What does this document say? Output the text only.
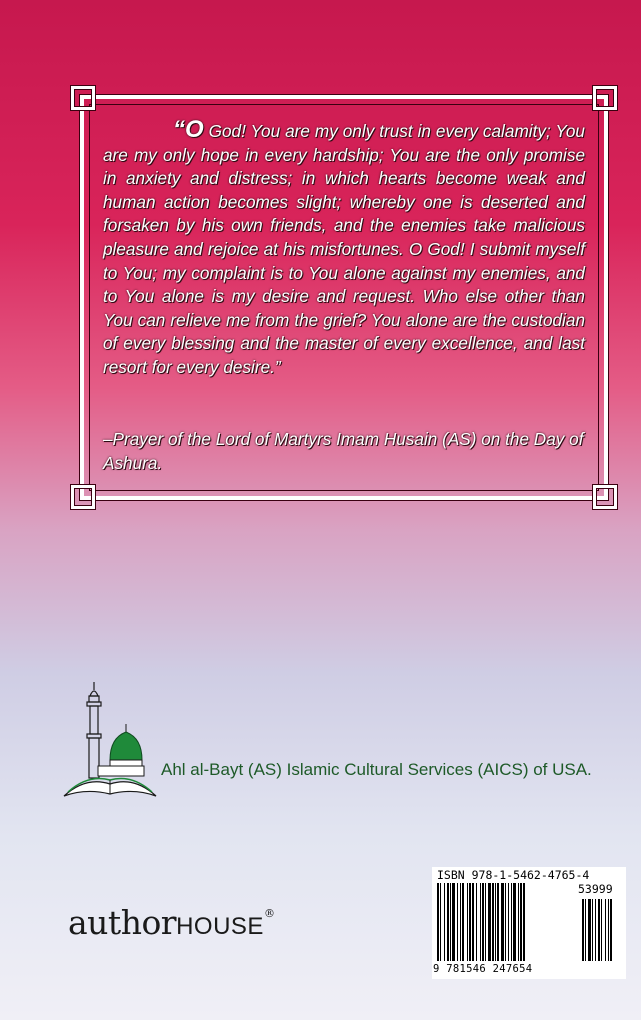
“O God! You are my only trust in every calamity; You are my only hope in every hardship; You are the only promise in anxiety and distress; in which hearts become weak and human action becomes slight; whereby one is deserted and forsaken by his own friends, and the enemies take malicious pleasure and rejoice at his misfortunes. O God! I submit myself to You; my complaint is to You alone against my enemies, and to You alone is my desire and request. Who else other than You can relieve me from the grief? You alone are the custodian of every blessing and the master of every excellence, and last resort for every desire.”

–Prayer of the Lord of Martyrs Imam Husain (AS) on the Day of Ashura.

Ahl al-Bayt (AS) Islamic Cultural Services (AICS) of USA.
authorHOUSE®
ISBN 978-1-5462-4765-4
53999
9 781546 247654
